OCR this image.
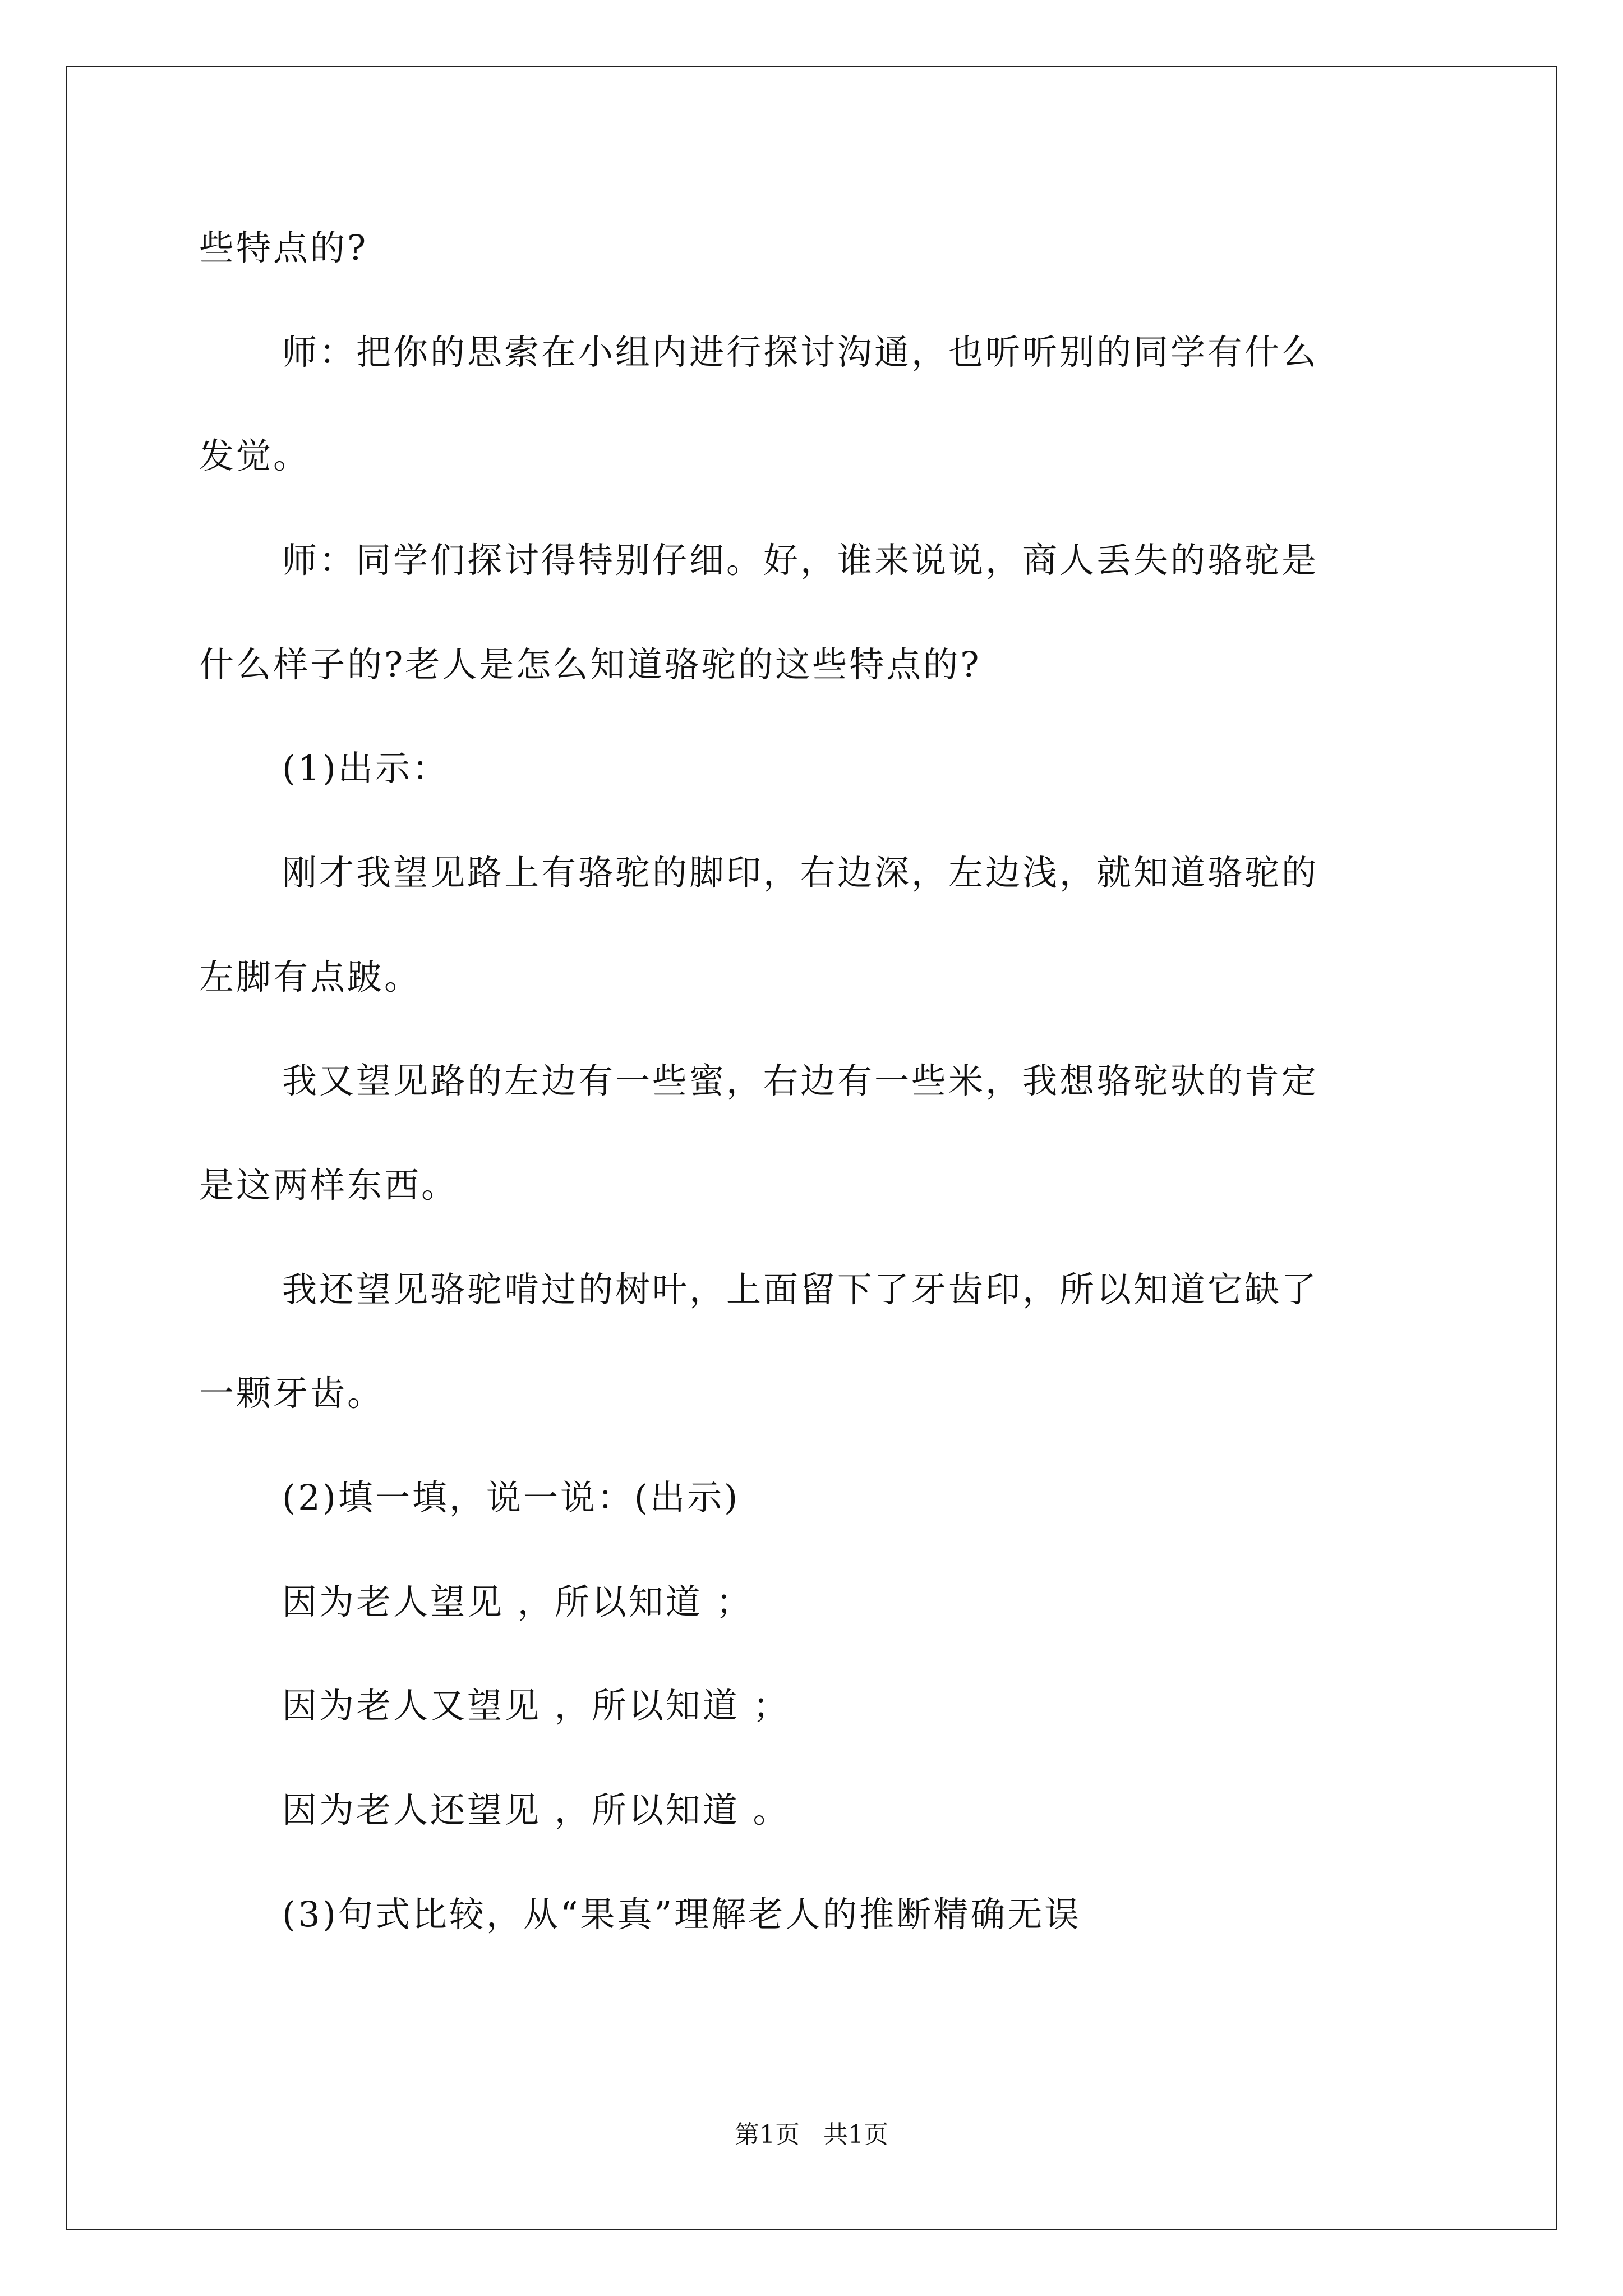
些特点的?

师：把你的思索在小组内进行探讨沟通，也听听别的同学有什么

发觉。

师：同学们探讨得特别仔细。好，谁来说说，商人丢失的骆驼是

什么样子的?老人是怎么知道骆驼的这些特点的?

(1)出示：

刚才我望见路上有骆驼的脚印，右边深，左边浅，就知道骆驼的

左脚有点跛。

我又望见路的左边有一些蜜，右边有一些米，我想骆驼驮的肯定

是这两样东西。

我还望见骆驼啃过的树叶，上面留下了牙齿印，所以知道它缺了

一颗牙齿。

(2)填一填，说一说：(出示)

因为老人望见 ，所以知道 ；

因为老人又望见 ，所以知道 ；

因为老人还望见 ，所以知道 。

(3)句式比较，从“果真”理解老人的推断精确无误

第1页   共1页
